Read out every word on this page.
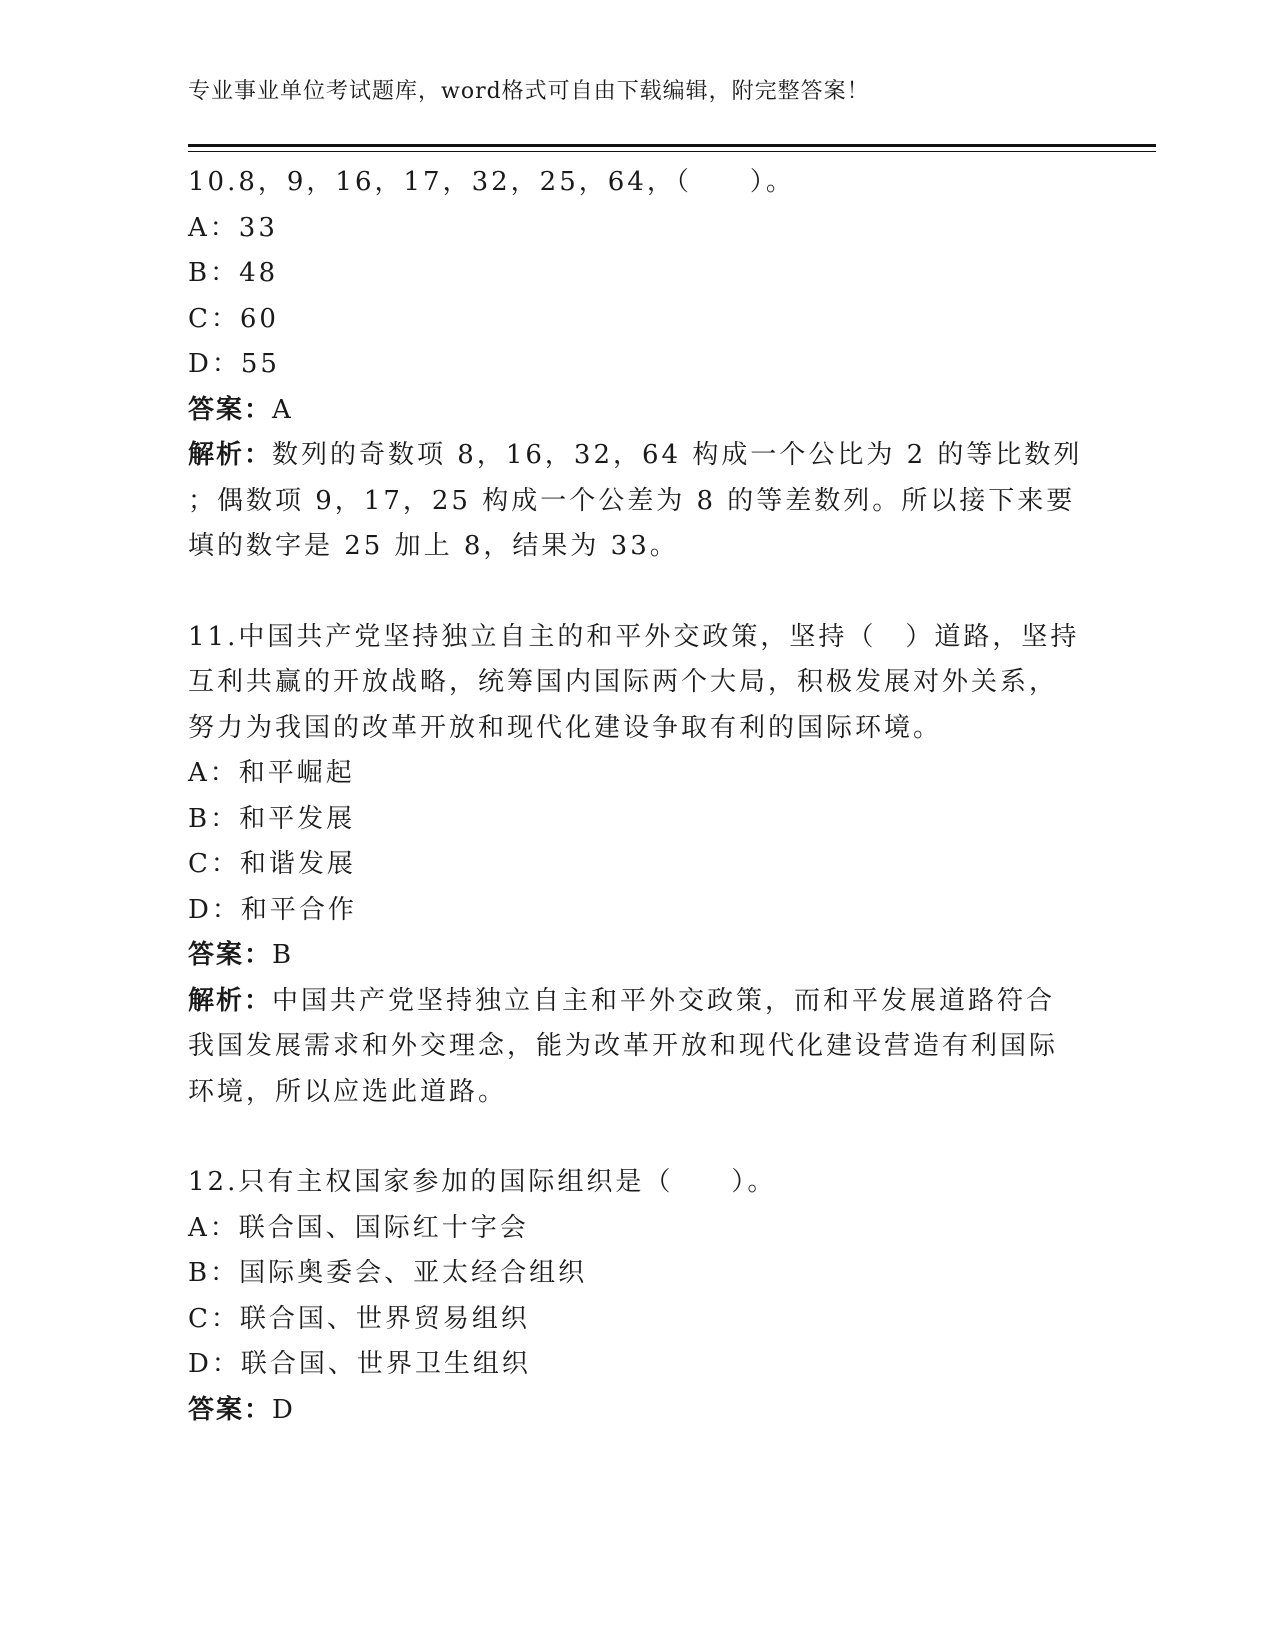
专业事业单位考试题库，word格式可自由下载编辑，附完整答案！
10.8，9，16，17，32，25，64，（　　）。
A：33
B：48
C：60
D：55
答案：A
解析：数列的奇数项 8，16，32，64 构成一个公比为 2 的等比数列
；偶数项 9，17，25 构成一个公差为 8 的等差数列。所以接下来要
填的数字是 25 加上 8，结果为 33。
11.中国共产党坚持独立自主的和平外交政策，坚持（　）道路，坚持
互利共赢的开放战略，统筹国内国际两个大局，积极发展对外关系，
努力为我国的改革开放和现代化建设争取有利的国际环境。
A：和平崛起
B：和平发展
C：和谐发展
D：和平合作
答案：B
解析：中国共产党坚持独立自主和平外交政策，而和平发展道路符合
我国发展需求和外交理念，能为改革开放和现代化建设营造有利国际
环境，所以应选此道路。
12.只有主权国家参加的国际组织是（　　）。
A：联合国、国际红十字会
B：国际奥委会、亚太经合组织
C：联合国、世界贸易组织
D：联合国、世界卫生组织
答案：D
